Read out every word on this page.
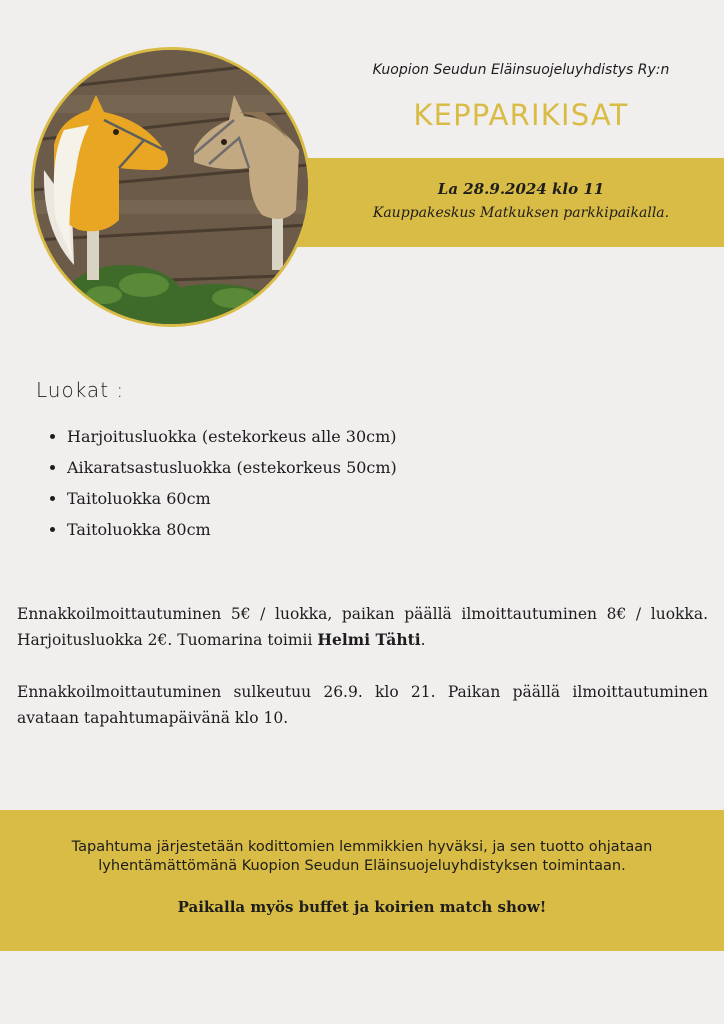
Kuopion Seudun Eläinsuojeluyhdistys Ry:n
KEPPARIKISAT
La 28.9.2024 klo 11
Kauppakeskus Matkuksen parkkipaikalla.
Luokat :
• Harjoitusluokka (estekorkeus alle 30cm)
• Aikaratsastusluokka (estekorkeus 50cm)
• Taitoluokka 60cm
• Taitoluokka 80cm

Ennakkoilmoittautuminen 5€ / luokka, paikan päällä ilmoittautuminen 8€ / luokka. Harjoitusluokka 2€. Tuomarina toimii Helmi Tähti.

Ennakkoilmoittautuminen sulkeutuu 26.9. klo 21. Paikan päällä ilmoittautuminen avataan tapahtumapäivänä klo 10.

Tapahtuma järjestetään kodittomien lemmikkien hyväksi, ja sen tuotto ohjataan
lyhentämättömänä Kuopion Seudun Eläinsuojeluyhdistyksen toimintaan.
Paikalla myös buffet ja koirien match show!
